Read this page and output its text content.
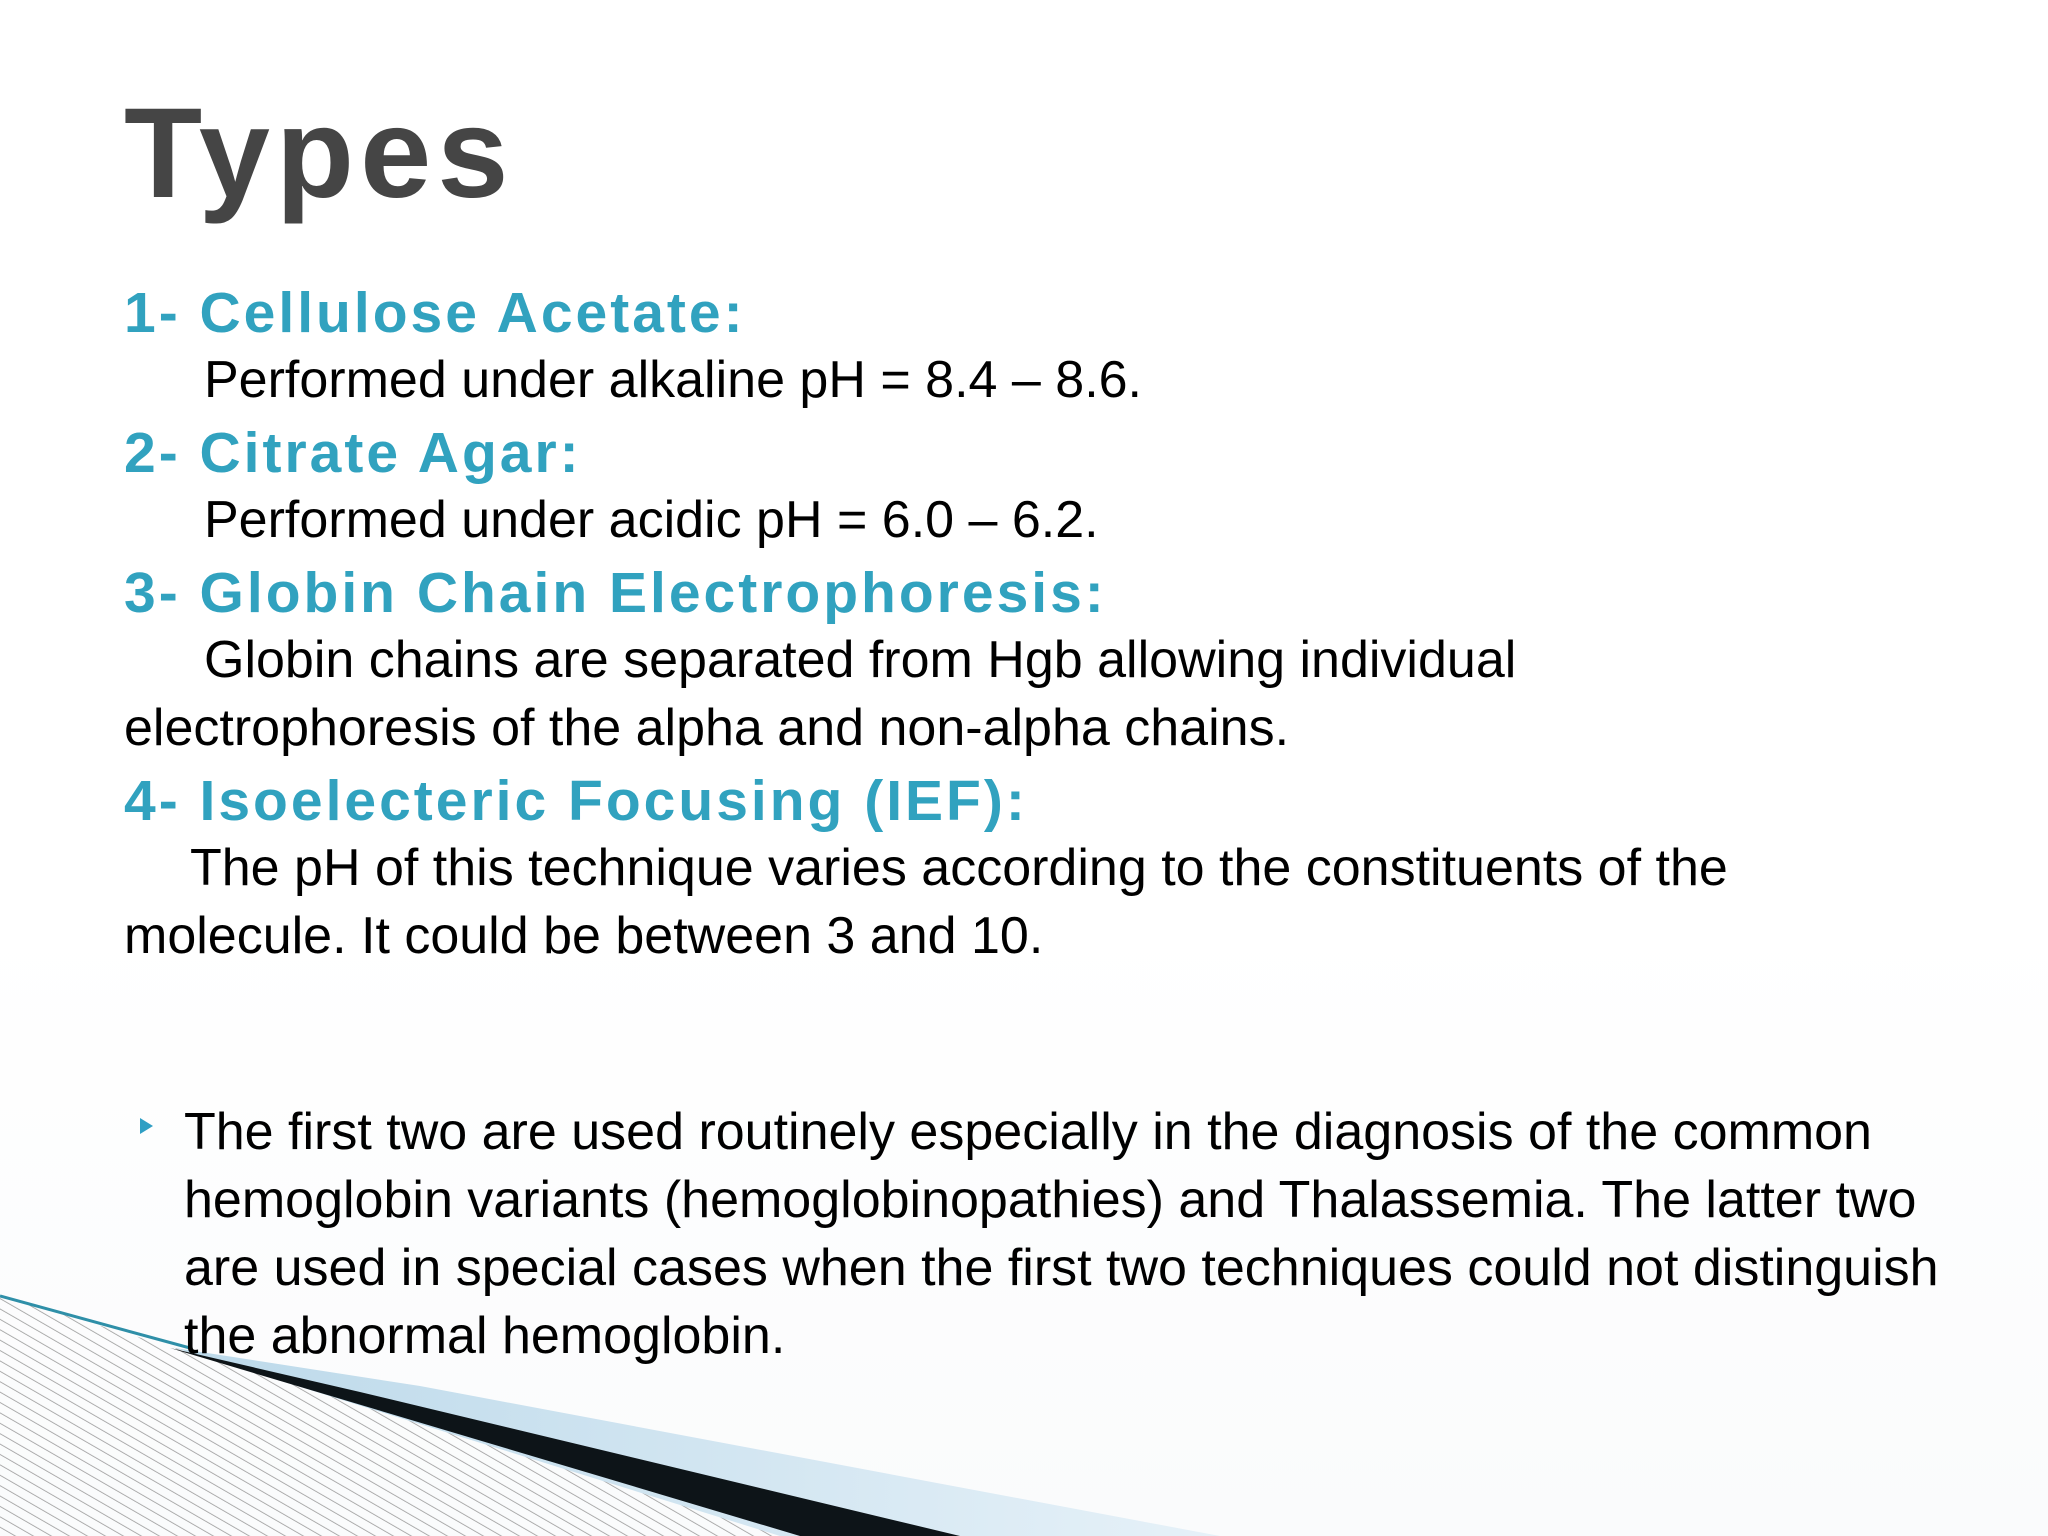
Types
1- Cellulose Acetate:
Performed under alkaline pH = 8.4 – 8.6.
2- Citrate Agar:
Performed under acidic pH = 6.0 – 6.2.
3- Globin Chain Electrophoresis:
Globin chains are separated from Hgb allowing individual electrophoresis of the alpha and non-alpha chains.
4- Isoelecteric Focusing (IEF):
The pH of this technique varies according to the constituents of the molecule. It could be between 3 and 10.
The first two are used routinely especially in the diagnosis of the common hemoglobin variants (hemoglobinopathies) and Thalassemia. The latter two are used in special cases when the first two techniques could not distinguish the abnormal hemoglobin.
